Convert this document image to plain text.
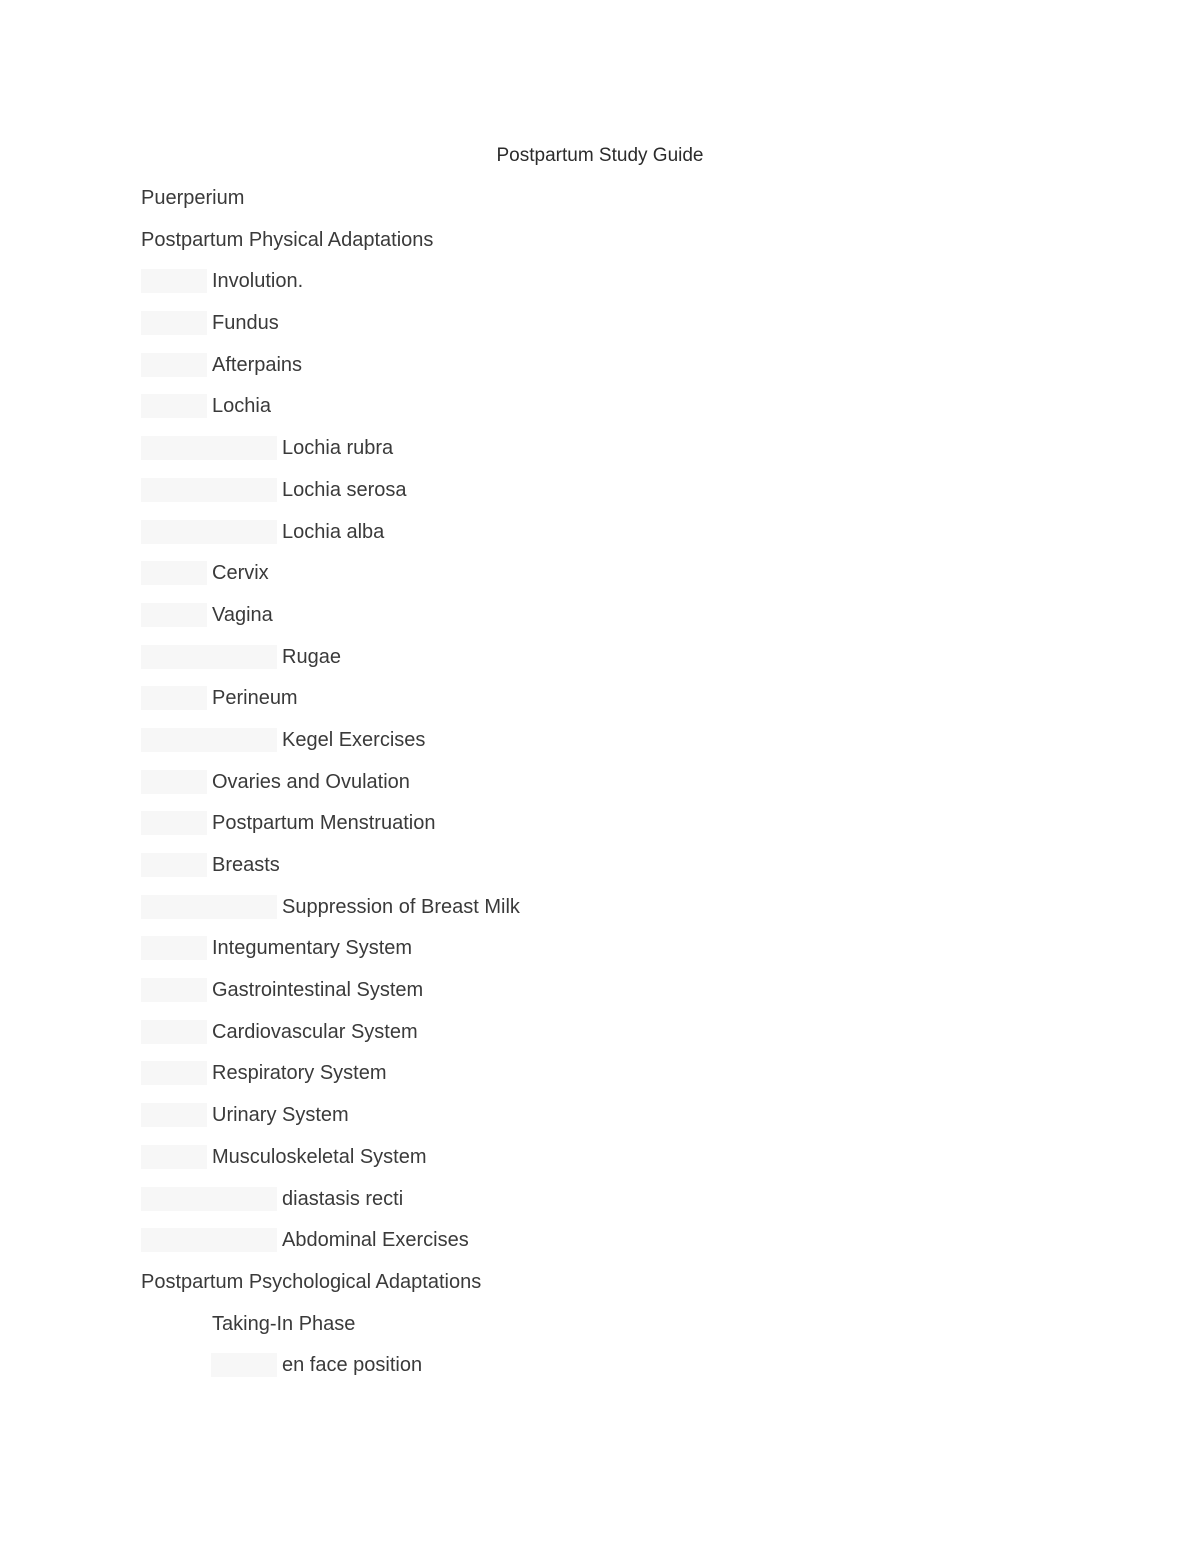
Postpartum Study Guide
Puerperium
Postpartum Physical Adaptations
Involution.
Fundus
Afterpains
Lochia
Lochia rubra
Lochia serosa
Lochia alba
Cervix
Vagina
Rugae
Perineum
Kegel Exercises
Ovaries and Ovulation
Postpartum Menstruation
Breasts
Suppression of Breast Milk
Integumentary System
Gastrointestinal System
Cardiovascular System
Respiratory System
Urinary System
Musculoskeletal System
diastasis recti
Abdominal Exercises
Postpartum Psychological Adaptations
Taking-In Phase
en face position
